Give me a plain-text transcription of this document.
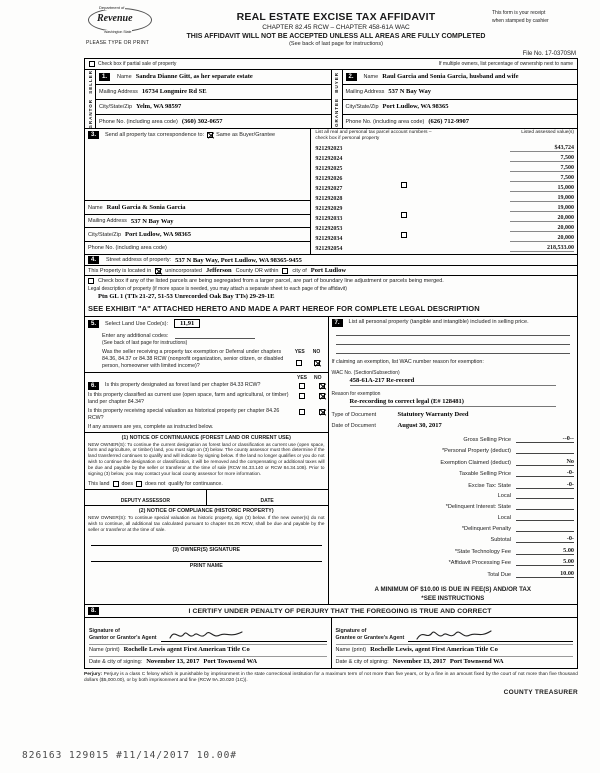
Department of
Revenue
Washington State
PLEASE TYPE OR PRINT
REAL ESTATE EXCISE TAX AFFIDAVIT
CHAPTER 82.45 RCW – CHAPTER 458-61A WAC
THIS AFFIDAVIT WILL NOT BE ACCEPTED UNLESS ALL AREAS ARE FULLY COMPLETED
(See back of last page for instructions)
This form is your receipt
when stamped by cashier
File No. 17-0370SM
Check box if partial sale of property	If multiple owners, list percentage of ownership next to name
SELLER
GRANTOR
1.	Name Sandra Dianne Gitt, as her separate estate
Mailing Address 16734 Longmire Rd SE
City/State/Zip Yelm, WA 98597
Phone No. (including area code) (360) 302-0657
BUYER
GRANTEE
2.	Name Raul Garcia and Sonia Garcia, husband and wife
Mailing Address 537 N Bay Way
City/State/Zip Port Ludlow, WA 98365
Phone No. (including area code) (626) 712-9907
3.	Send all property tax correspondence to: Same as Buyer/Grantee
Name Raul Garcia & Sonia Garcia
Mailing Address 537 N Bay Way
City/State/Zip Port Ludlow, WA 98365
Phone No. (including area code)
List all real and personal tax parcel account numbers – check box if personal property
Listed assessed value(s)
921292023	$43,724
921292024	7,500
921292025	7,500
921292026	7,500
921292027	15,000
921292028	19,000
921292029	19,000
921292033	20,000
921292053	20,000
921292034	20,000
921292054	218,533.00
4.	Street address of property: 537 N Bay Way, Port Ludlow, WA 98365-9455
This Property is located in	unincorporated Jefferson County OR within	city of Port Ludlow
Check box if any of the listed parcels are being segregated from a larger parcel, are part of boundary line adjustment or parcels being merged.
Legal description of property (if more space is needed, you may attach a separate sheet to each page of the affidavit)
Ptn GL 1 (TTs 21-27, 51-53 Unrecorded Oak Bay TTs) 29-29-1E
SEE EXHIBIT "A" ATTACHED HERETO AND MADE A PART HEREOF FOR COMPLETE LEGAL DESCRIPTION
5.	Select Land Use Code(s):	11,91
Enter any additional codes:
(See back of last page for instructions)
Was the seller receiving a property tax exemption or Deferral under chapters 84.36, 84.37 or 84.38 RCW (nonprofit organization, senior citizen, or disabled person, homeowner with limited income)?
YES NO
YES NO
6.	Is this property designated as forest land per chapter 84.33 RCW?
Is this property classified as current use (open space, farm and agricultural, or timber) land per chapter 84.34?
Is this property receiving special valuation as historical property per chapter 84.26 RCW?
If any answers are yes, complete as instructed below.
(1) NOTICE OF CONTINUANCE (FOREST LAND OR CURRENT USE)
NEW OWNER(S): To continue the current designation as forest land or classification as current use (open space, farm and agriculture, or timber) land, you must sign on (3) below. The county assessor must then determine if the land transferred continues to qualify and will indicate by signing below. If the land no longer qualifies or you do not wish to continue the designation or classification, it will be removed and the compensating or additional taxes will be due and payable by the seller or transferor at the time of sale (RCW 84.33.140 or RCW 84.34.108). Prior to signing (3) below, you may contact your local county assessor for more information.
This land does does not qualify for continuance.
DEPUTY ASSESSOR	DATE
(2) NOTICE OF COMPLIANCE (HISTORIC PROPERTY)
NEW OWNER(S): To continue special valuation as historic property, sign (3) below. If the new owner(s) do not wish to continue, all additional tax calculated pursuant to chapter 84.26 RCW, shall be due and payable by the seller or transferor at the time of sale.
(3) OWNER(S) SIGNATURE
PRINT NAME
7.	List all personal property (tangible and intangible) included in selling price.
If claiming an exemption, list WAC number reason for exemption:
WAC No. (Section/Subsection)
458-61A-217 Re-record
Reason for exemption
Re-recording to correct legal (E# 128481)
Type of Document	Statutory Warranty Deed
Date of Document	August 30, 2017
Gross Selling Price	--0--
*Personal Property (deduct)
Exemption Claimed (deduct)	No
Taxable Selling Price	-0-
Excise Tax: State	-0-
Local
*Delinquent Interest: State
Local
*Delinquent Penalty
Subtotal	-0-
*State Technology Fee	5.00
*Affidavit Processing Fee	5.00
Total Due	10.00
A MINIMUM OF $10.00 IS DUE IN FEE(S) AND/OR TAX
*SEE INSTRUCTIONS
8.	I CERTIFY UNDER PENALTY OF PERJURY THAT THE FOREGOING IS TRUE AND CORRECT
Signature of
Grantor or Grantor's Agent
Name (print) Rochelle Lewis agent First American Title Co
Date & city of signing: November 13, 2017 Port Townsend WA
Signature of
Grantee or Grantee's Agent
Name (print) Rochelle Lewis, agent First American Title Co
Date & city of signing: November 13, 2017 Port Townsend WA
Perjury: Perjury is a class C felony which is punishable by imprisonment in the state correctional institution for a maximum term of not more than five years, or by a fine in an amount fixed by the court of not more than five thousand dollars ($5,000.00), or by both imprisonment and fine (RCW 9A.20.020 (1C)).
COUNTY TREASURER
826163 129015 #11/14/2017 10.00#
